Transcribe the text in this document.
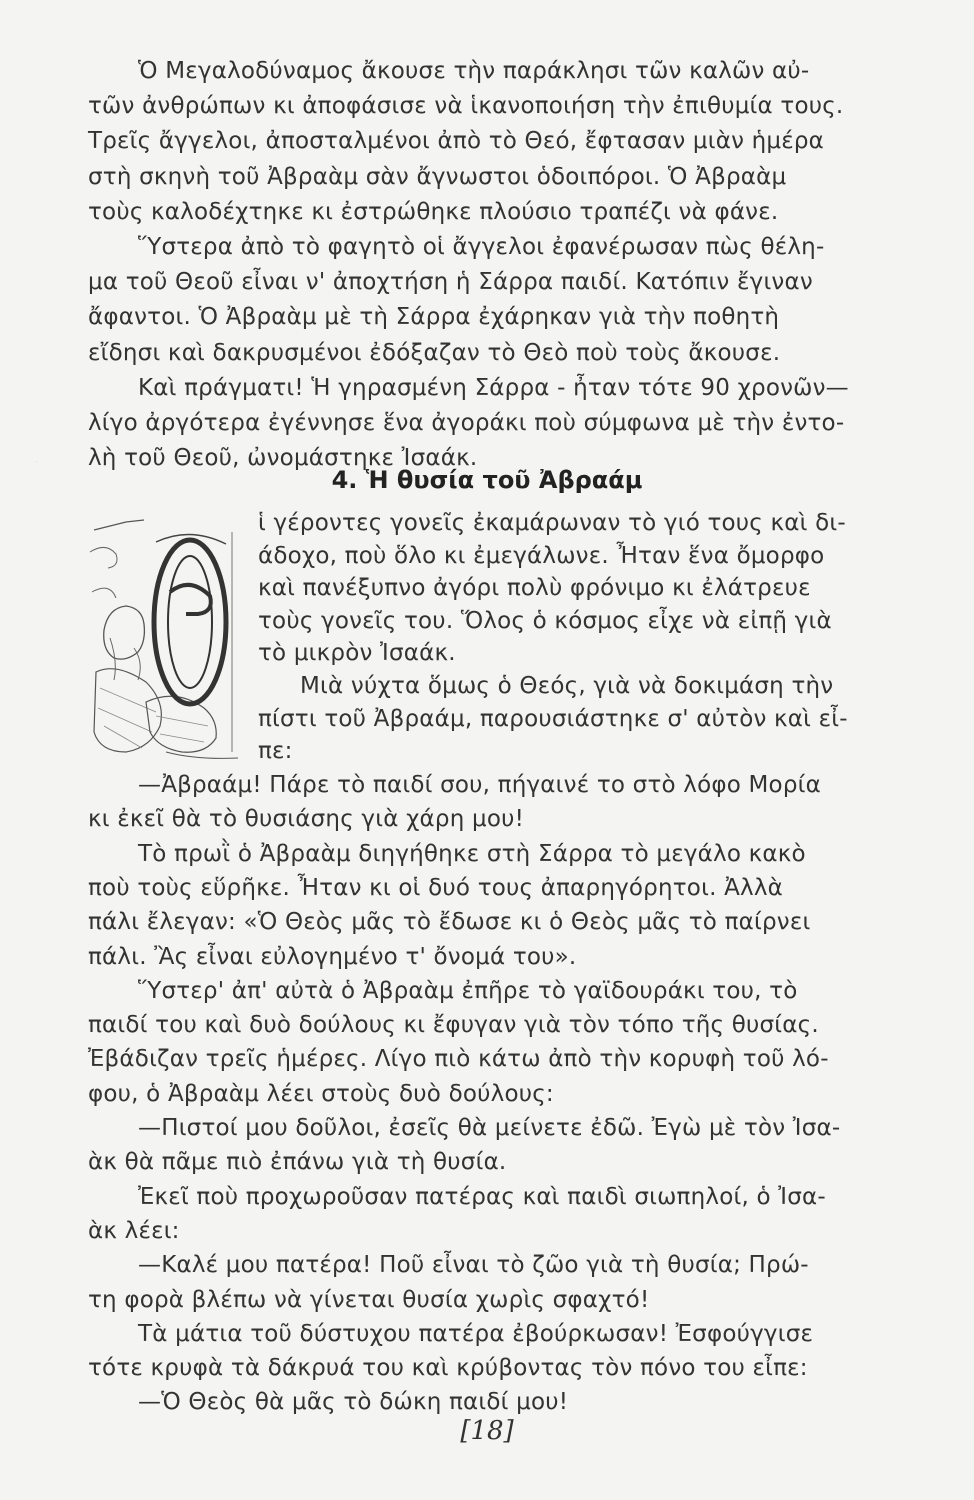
Ὁ Μεγαλοδύναμος ἄκουσε τὴν παράκλησι τῶν καλῶν αὐ-
τῶν ἀνθρώπων κι ἀποφάσισε νὰ ἱκανοποιήση τὴν ἐπιθυμία τους.
Τρεῖς ἄγγελοι, ἀποσταλμένοι ἀπὸ τὸ Θεό, ἔφτασαν μιὰν ἡμέρα
στὴ σκηνὴ τοῦ Ἀβραὰμ σὰν ἄγνωστοι ὁδοιπόροι. Ὁ Ἀβραὰμ
τοὺς καλοδέχτηκε κι ἐστρώθηκε πλούσιο τραπέζι νὰ φάνε.
Ὕστερα ἀπὸ τὸ φαγητὸ οἱ ἄγγελοι ἐφανέρωσαν πὼς θέλη-
μα τοῦ Θεοῦ εἶναι ν' ἀποχτήση ἡ Σάρρα παιδί. Κατόπιν ἔγιναν
ἄφαντοι. Ὁ Ἀβραὰμ μὲ τὴ Σάρρα ἐχάρηκαν γιὰ τὴν ποθητὴ
εἴδησι καὶ δακρυσμένοι ἐδόξαζαν τὸ Θεὸ ποὺ τοὺς ἄκουσε.
Καὶ πράγματι! Ἡ γηρασμένη Σάρρα - ἦταν τότε 90 χρονῶν—
λίγο ἀργότερα ἐγέννησε ἕνα ἀγοράκι ποὺ σύμφωνα μὲ τὴν ἐντο-
λὴ τοῦ Θεοῦ, ὠνομάστηκε Ἰσαάκ.
4. Ἡ θυσία τοῦ Ἀβραάμ
Θ
ἱ γέροντες γονεῖς ἐκαμάρωναν τὸ γιό τους καὶ δι-
άδοχο, ποὺ ὅλο κι ἐμεγάλωνε. Ἦταν ἕνα ὄμορφο
καὶ πανέξυπνο ἀγόρι πολὺ φρόνιμο κι ἐλάτρευε
τοὺς γονεῖς του. Ὅλος ὁ κόσμος εἶχε νὰ εἰπῇ γιὰ
τὸ μικρὸν Ἰσαάκ.
Μιὰ νύχτα ὅμως ὁ Θεός, γιὰ νὰ δοκιμάση τὴν
πίστι τοῦ Ἀβραάμ, παρουσιάστηκε σ' αὐτὸν καὶ εἶ-
πε:
—Ἀβραάμ! Πάρε τὸ παιδί σου, πήγαινέ το στὸ λόφο Μορία
κι ἐκεῖ θὰ τὸ θυσιάσης γιὰ χάρη μου!
Τὸ πρωῒ ὁ Ἀβραὰμ διηγήθηκε στὴ Σάρρα τὸ μεγάλο κακὸ
ποὺ τοὺς εὕρῆκε. Ἦταν κι οἱ δυό τους ἀπαρηγόρητοι. Ἀλλὰ
πάλι ἔλεγαν: «Ὁ Θεὸς μᾶς τὸ ἔδωσε κι ὁ Θεὸς μᾶς τὸ παίρνει
πάλι. Ἂς εἶναι εὐλογημένο τ' ὄνομά του».
Ὕστερ' ἀπ' αὐτὰ ὁ Ἀβραὰμ ἐπῆρε τὸ γαϊδουράκι του, τὸ
παιδί του καὶ δυὸ δούλους κι ἔφυγαν γιὰ τὸν τόπο τῆς θυσίας.
Ἐβάδιζαν τρεῖς ἡμέρες. Λίγο πιὸ κάτω ἀπὸ τὴν κορυφὴ τοῦ λό-
φου, ὁ Ἀβραὰμ λέει στοὺς δυὸ δούλους:
—Πιστοί μου δοῦλοι, ἐσεῖς θὰ μείνετε ἐδῶ. Ἐγὼ μὲ τὸν Ἰσα-
ὰκ θὰ πᾶμε πιὸ ἐπάνω γιὰ τὴ θυσία.
Ἐκεῖ ποὺ προχωροῦσαν πατέρας καὶ παιδὶ σιωπηλοί, ὁ Ἰσα-
ὰκ λέει:
—Καλέ μου πατέρα! Ποῦ εἶναι τὸ ζῶο γιὰ τὴ θυσία; Πρώ-
τη φορὰ βλέπω νὰ γίνεται θυσία χωρὶς σφαχτό!
Τὰ μάτια τοῦ δύστυχου πατέρα ἐβούρκωσαν! Ἐσφούγγισε
τότε κρυφὰ τὰ δάκρυά του καὶ κρύβοντας τὸν πόνο του εἶπε:
—Ὁ Θεὸς θὰ μᾶς τὸ δώκη παιδί μου!
[18]
